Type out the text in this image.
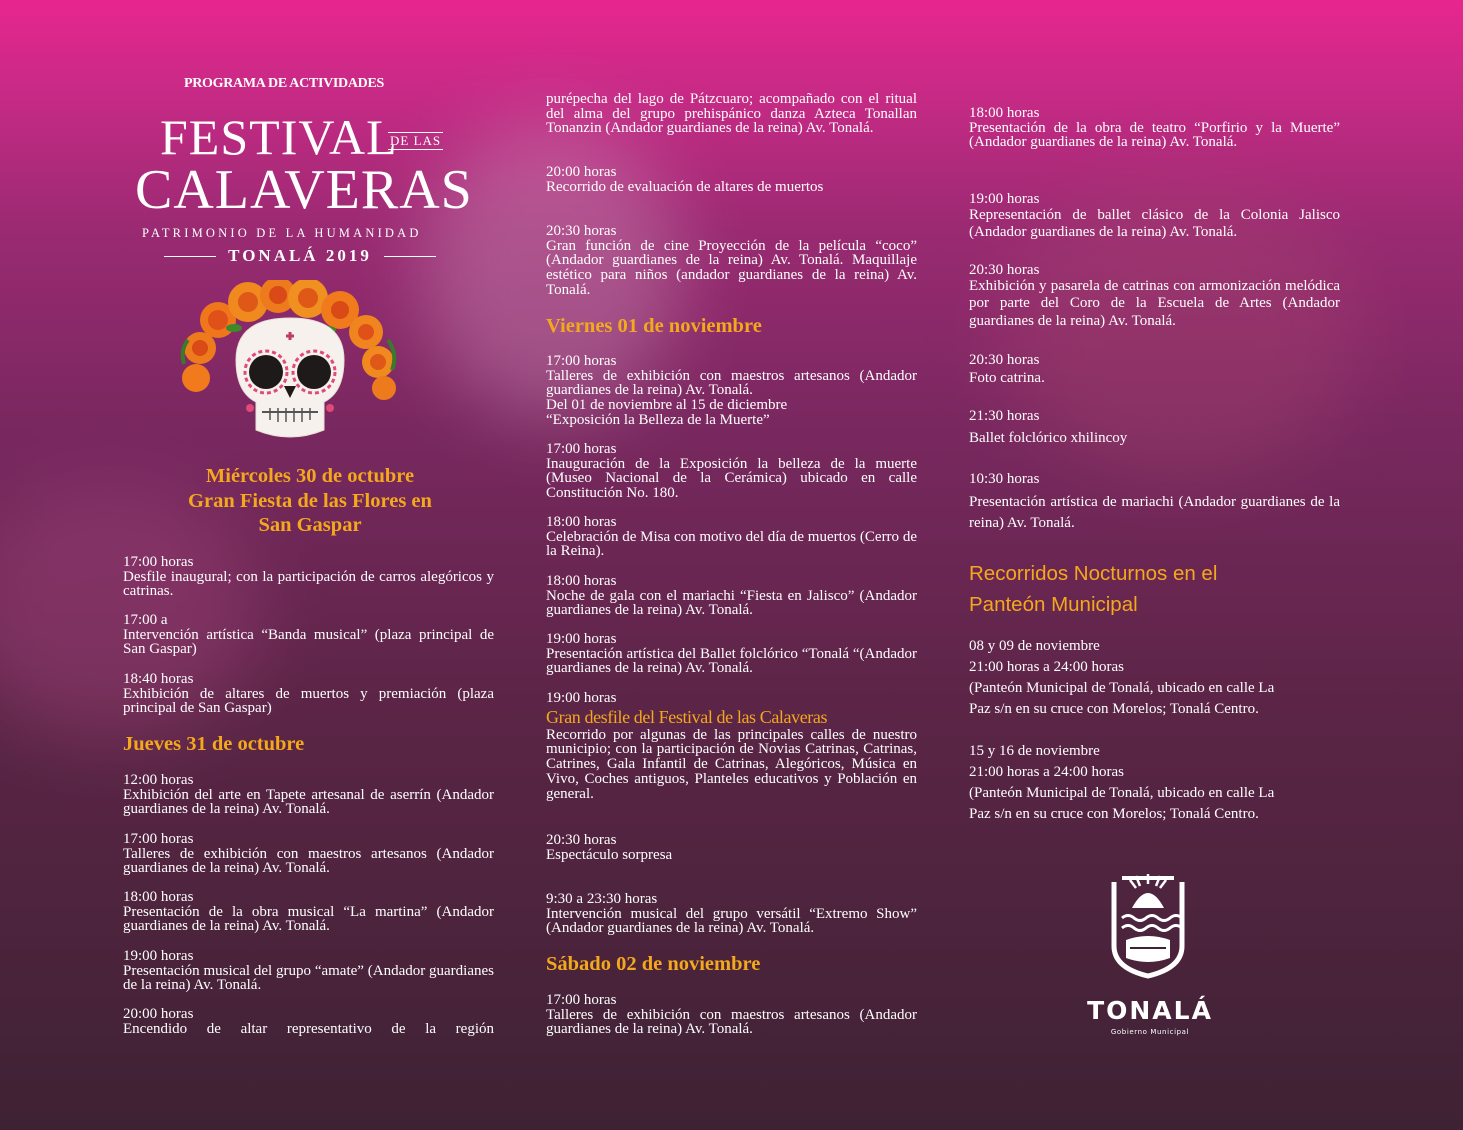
PROGRAMA DE ACTIVIDADES
FESTIVAL
DE LAS
CALAVERAS
PATRIMONIO DE LA HUMANIDAD
TONALÁ 2019
Miércoles 30 de octubre
Gran Fiesta de las Flores en
San Gaspar
17:00 horas
Desfile inaugural; con la participación de carros alegóricos y catrinas.
17:00 a
Intervención artística “Banda musical” (plaza principal de San Gaspar)
18:40 horas
Exhibición de altares de muertos y premiación (plaza principal de San Gaspar)
Jueves 31 de octubre
12:00 horas
Exhibición del arte en Tapete artesanal de aserrín (Andador guardianes de la reina) Av. Tonalá.
17:00 horas
Talleres de exhibición con maestros artesanos (Andador guardianes de la reina) Av. Tonalá.
18:00 horas
Presentación de la obra musical “La martina” (Andador guardianes de la reina) Av. Tonalá.
19:00 horas
Presentación musical del grupo “amate” (Andador guardianes de la reina) Av. Tonalá.
20:00 horas
Encendido de altar representativo de la región
purépecha del lago de Pátzcuaro; acompañado con el ritual del alma del grupo prehispánico danza Azteca Tonallan Tonanzin (Andador guardianes de la reina) Av. Tonalá.
20:00 horas
Recorrido de evaluación de altares de muertos
20:30 horas
Gran función de cine Proyección de la película “coco” (Andador guardianes de la reina) Av. Tonalá. Maquillaje estético para niños (andador guardianes de la reina) Av. Tonalá.
Viernes 01 de noviembre
17:00 horas
Talleres de exhibición con maestros artesanos (Andador guardianes de la reina) Av. Tonalá.
Del 01 de noviembre al 15 de diciembre
“Exposición la Belleza de la Muerte”
17:00 horas
Inauguración de la Exposición la belleza de la muerte (Museo Nacional de la Cerámica) ubicado en calle Constitución No. 180.
18:00 horas
Celebración de Misa con motivo del día de muertos (Cerro de la Reina).
18:00 horas
Noche de gala con el mariachi “Fiesta en Jalisco” (Andador guardianes de la reina) Av. Tonalá.
19:00 horas
Presentación artística del Ballet folclórico “Tonalá “(Andador guardianes de la reina) Av. Tonalá.
19:00 horas
Gran desfile del Festival de las Calaveras
Recorrido por algunas de las principales calles de nuestro municipio; con la participación de Novias Catrinas, Catrinas, Catrines, Gala Infantil de Catrinas, Alegóricos, Música en Vivo, Coches antiguos, Planteles educativos y Población en general.
20:30 horas
Espectáculo sorpresa
9:30 a 23:30 horas
Intervención musical del grupo versátil “Extremo Show” (Andador guardianes de la reina) Av. Tonalá.
Sábado 02 de noviembre
17:00 horas
Talleres de exhibición con maestros artesanos (Andador guardianes de la reina) Av. Tonalá.
18:00 horas
Presentación de la obra de teatro “Porfirio y la Muerte” (Andador guardianes de la reina) Av. Tonalá.
19:00 horas
Representación de ballet clásico de la Colonia Jalisco (Andador guardianes de la reina) Av. Tonalá.
20:30 horas
Exhibición y pasarela de catrinas con armonización melódica por parte del Coro de la Escuela de Artes (Andador guardianes de la reina) Av. Tonalá.
20:30 horas
Foto catrina.
21:30 horas
Ballet folclórico xhilincoy
10:30 horas
Presentación artística de mariachi (Andador guardianes de la reina) Av. Tonalá.
Recorridos Nocturnos en el
Panteón Municipal
08 y 09 de noviembre
21:00 horas a 24:00 horas
(Panteón Municipal de Tonalá, ubicado en calle La
Paz s/n en su cruce con Morelos; Tonalá Centro.
15 y 16 de noviembre
21:00 horas a 24:00 horas
(Panteón Municipal de Tonalá, ubicado en calle La
Paz s/n en su cruce con Morelos; Tonalá Centro.
TONALÁ
Gobierno Municipal
